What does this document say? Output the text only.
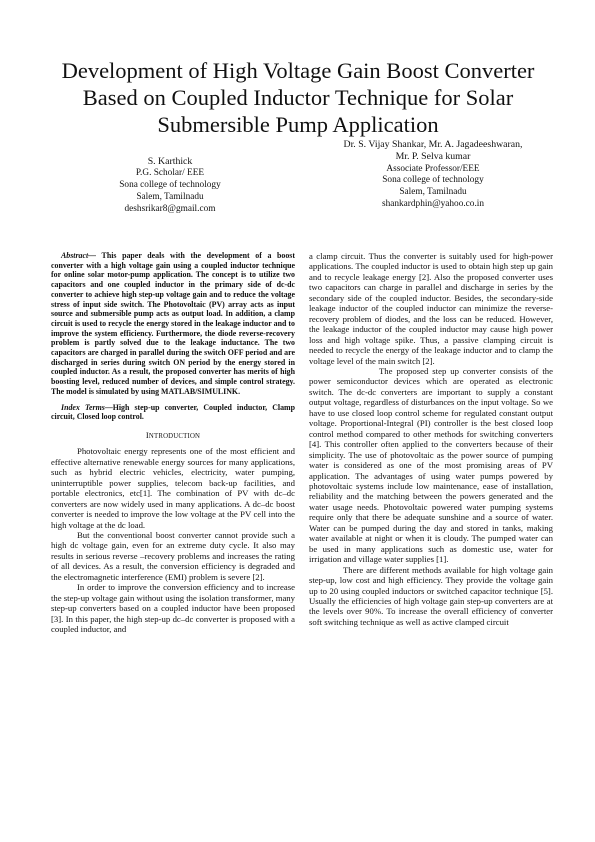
Development of High Voltage Gain Boost Converter
Based on Coupled Inductor Technique for Solar
Submersible Pump Application
S. Karthick
P.G. Scholar/ EEE
Sona college of technology
Salem, Tamilnadu
deshsrikar8@gmail.com
Dr. S. Vijay Shankar, Mr. A. Jagadeeshwaran,
Mr. P. Selva kumar
Associate Professor/EEE
Sona college of technology
Salem, Tamilnadu
shankardphin@yahoo.co.in

Abstract— This paper deals with the development of a boost converter with a high voltage gain using a coupled inductor technique for online solar motor-pump application. The concept is to utilize two capacitors and one coupled inductor in the primary side of dc-dc converter to achieve high step-up voltage gain and to reduce the voltage stress of input side switch. The Photovoltaic (PV) array acts as input source and submersible pump acts as output load. In addition, a clamp circuit is used to recycle the energy stored in the leakage inductor and to improve the system efficiency. Furthermore, the diode reverse-recovery problem is partly solved due to the leakage inductance. The two capacitors are charged in parallel during the switch OFF period and are discharged in series during switch ON period by the energy stored in coupled inductor. As a result, the proposed converter has merits of high boosting level, reduced number of devices, and simple control strategy. The model is simulated by using MATLAB/SIMULINK.

Index Terms—High step-up converter, Coupled inductor, Clamp circuit, Closed loop control.

INTRODUCTION

Photovoltaic energy represents one of the most efficient and effective alternative renewable energy sources for many applications, such as hybrid electric vehicles, electricity, water pumping, uninterruptible power supplies, telecom back-up facilities, and portable electronics, etc[1]. The combination of PV with dc–dc converters are now widely used in many applications. A dc–dc boost converter is needed to improve the low voltage at the PV cell into the high voltage at the dc load.

But the conventional boost converter cannot provide such a high dc voltage gain, even for an extreme duty cycle. It also may results in serious reverse –recovery problems and increases the rating of all devices. As a result, the conversion efficiency is degraded and the electromagnetic interference (EMI) problem is severe [2].

In order to improve the conversion efficiency and to increase the step-up voltage gain without using the isolation transformer, many step-up converters based on a coupled inductor have been proposed [3]. In this paper, the high step-up dc–dc converter is proposed with a coupled inductor, and

a clamp circuit. Thus the converter is suitably used for high-power applications. The coupled inductor is used to obtain high step up gain and to recycle leakage energy [2]. Also the proposed converter uses two capacitors can charge in parallel and discharge in series by the secondary side of the coupled inductor. Besides, the secondary-side leakage inductor of the coupled inductor can minimize the reverse-recovery problem of diodes, and the loss can be reduced. However, the leakage inductor of the coupled inductor may cause high power loss and high voltage spike. Thus, a passive clamping circuit is needed to recycle the energy of the leakage inductor and to clamp the voltage level of the main switch [2].

The proposed step up converter consists of the power semiconductor devices which are operated as electronic switch. The dc-dc converters are important to supply a constant output voltage, regardless of disturbances on the input voltage. So we have to use closed loop control scheme for regulated constant output voltage. Proportional-Integral (PI) controller is the best closed loop control method compared to other methods for switching converters [4]. This controller often applied to the converters because of their simplicity. The use of photovoltaic as the power source of pumping water is considered as one of the most promising areas of PV application. The advantages of using water pumps powered by photovoltaic systems include low maintenance, ease of installation, reliability and the matching between the powers generated and the water usage needs. Photovoltaic powered water pumping systems require only that there be adequate sunshine and a source of water. Water can be pumped during the day and stored in tanks, making water available at night or when it is cloudy. The pumped water can be used in many applications such as domestic use, water for irrigation and village water supplies [1].

There are different methods available for high voltage gain step-up, low cost and high efficiency. They provide the voltage gain up to 20 using coupled inductors or switched capacitor technique [5]. Usually the efficiencies of high voltage gain step-up converters are at the levels over 90%. To increase the overall efficiency of converter soft switching technique as well as active clamped circuit
